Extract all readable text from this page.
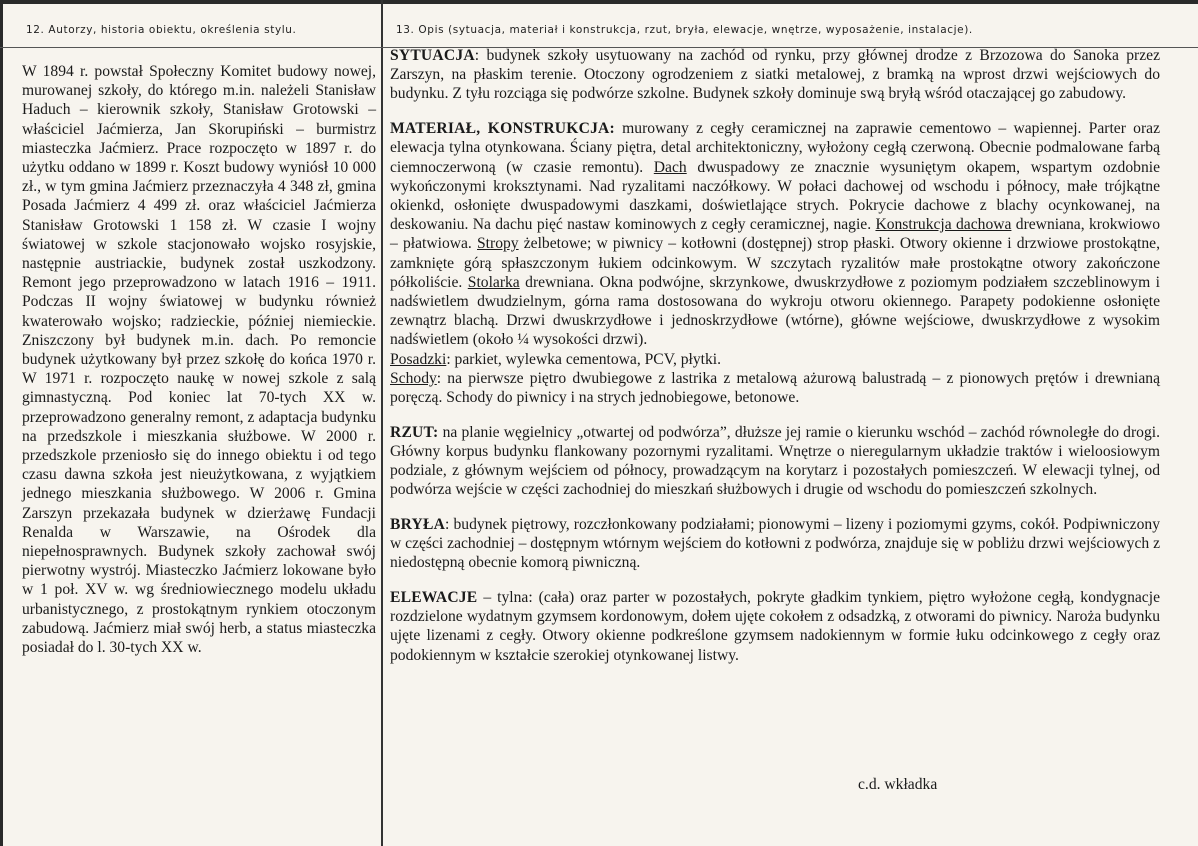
12. Autorzy, historia obiektu, określenia stylu.	13. Opis (sytuacja, materiał i konstrukcja, rzut, bryła, elewacje, wnętrze, wyposażenie, instalacje).
W 1894 r. powstał Społeczny Komitet budowy nowej, murowanej szkoły, do którego m.in. należeli Stanisław Haduch – kierownik szkoły, Stanisław Grotowski – właściciel Jaćmierza, Jan Skorupiński – burmistrz miasteczka Jaćmierz. Prace rozpoczęto w 1897 r. do użytku oddano w 1899 r. Koszt budowy wyniósł 10 000 zł., w tym gmina Jaćmierz przeznaczyła 4 348 zł, gmina Posada Jaćmierz 4 499 zł. oraz właściciel Jaćmierza Stanisław Grotowski 1 158 zł. W czasie I wojny światowej w szkole stacjonowało wojsko rosyjskie, następnie austriackie, budynek został uszkodzony. Remont jego przeprowadzono w latach 1916 – 1911. Podczas II wojny światowej w budynku również kwaterowało wojsko; radzieckie, później niemieckie. Zniszczony był budynek m.in. dach. Po remoncie budynek użytkowany był przez szkołę do końca 1970 r. W 1971 r. rozpoczęto naukę w nowej szkole z salą gimnastyczną. Pod koniec lat 70-tych XX w. przeprowadzono generalny remont, z adaptacja budynku na przedszkole i mieszkania służbowe. W 2000 r. przedszkole przeniosło się do innego obiektu i od tego czasu dawna szkoła jest nieużytkowana, z wyjątkiem jednego mieszkania służbowego. W 2006 r. Gmina Zarszyn przekazała budynek w dzierżawę Fundacji Renalda w Warszawie, na Ośrodek dla niepełnosprawnych. Budynek szkoły zachował swój pierwotny wystrój. Miasteczko Jaćmierz lokowane było w 1 poł. XV w. wg średniowiecznego modelu układu urbanistycznego, z prostokątnym rynkiem otoczonym zabudową. Jaćmierz miał swój herb, a status miasteczka posiadał do l. 30-tych XX w.
SYTUACJA: budynek szkoły usytuowany na zachód od rynku, przy głównej drodze z Brzozowa do Sanoka przez Zarszyn, na płaskim terenie. Otoczony ogrodzeniem z siatki metalowej, z bramką na wprost drzwi wejściowych do budynku. Z tyłu rozciąga się podwórze szkolne. Budynek szkoły dominuje swą bryłą wśród otaczającej go zabudowy.

MATERIAŁ, KONSTRUKCJA: murowany z cegły ceramicznej na zaprawie cementowo – wapiennej. Parter oraz elewacja tylna otynkowana. Ściany piętra, detal architektoniczny, wyłożony cegłą czerwoną. Obecnie podmalowane farbą ciemnoczerwoną (w czasie remontu). Dach dwuspadowy ze znacznie wysuniętym okapem, wspartym ozdobnie wykończonymi kroksztynami. Nad ryzalitami naczółkowy. W połaci dachowej od wschodu i północy, małe trójkątne okienkd, osłonięte dwuspadowymi daszkami, doświetlające strych. Pokrycie dachowe z blachy ocynkowanej, na deskowaniu. Na dachu pięć nastaw kominowych z cegły ceramicznej, nagie. Konstrukcja dachowa drewniana, krokwiowo – płatwiowa. Stropy żelbetowe; w piwnicy – kotłowni (dostępnej) strop płaski. Otwory okienne i drzwiowe prostokątne, zamknięte górą spłaszczonym łukiem odcinkowym. W szczytach ryzalitów małe prostokątne otwory zakończone półkoliście. Stolarka drewniana. Okna podwójne, skrzynkowe, dwuskrzydłowe z poziomym podziałem szczeblinowym i nadświetlem dwudzielnym, górna rama dostosowana do wykroju otworu okiennego. Parapety podokienne osłonięte zewnątrz blachą. Drzwi dwuskrzydłowe i jednoskrzydłowe (wtórne), główne wejściowe, dwuskrzydłowe z wysokim nadświetlem (około ¼ wysokości drzwi).

Posadzki: parkiet, wylewka cementowa, PCV, płytki.

Schody: na pierwsze piętro dwubiegowe z lastrika z metalową ażurową balustradą – z pionowych prętów i drewnianą poręczą. Schody do piwnicy i na strych jednobiegowe, betonowe.

RZUT: na planie węgielnicy „otwartej od podwórza”, dłuższe jej ramie o kierunku wschód – zachód równoległe do drogi. Główny korpus budynku flankowany pozornymi ryzalitami. Wnętrze o nieregularnym układzie traktów i wieloosiowym podziale, z głównym wejściem od północy, prowadzącym na korytarz i pozostałych pomieszczeń. W elewacji tylnej, od podwórza wejście w części zachodniej do mieszkań służbowych i drugie od wschodu do pomieszczeń szkolnych.
BRYŁA: budynek piętrowy, rozczłonkowany podziałami; pionowymi – lizeny i poziomymi gzyms, cokół. Podpiwniczony w części zachodniej – dostępnym wtórnym wejściem do kotłowni z podwórza, znajduje się w pobliżu drzwi wejściowych z niedostępną obecnie komorą piwniczną.
ELEWACJE – tylna: (cała) oraz parter w pozostałych, pokryte gładkim tynkiem, piętro wyłożone cegłą, kondygnacje rozdzielone wydatnym gzymsem kordonowym, dołem ujęte cokołem z odsadzką, z otworami do piwnicy. Naroża budynku ujęte lizenami z cegły. Otwory okienne podkreślone gzymsem nadokiennym w formie łuku odcinkowego z cegły oraz podokiennym w kształcie szerokiej otynkowanej listwy.
c.d. wkładka
